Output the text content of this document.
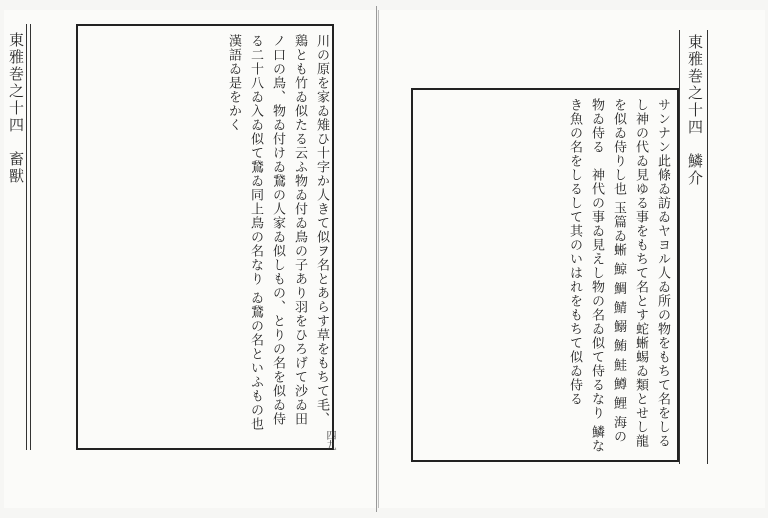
東雅巻之十四　畜獸	川の原を家ゐ雉ひ十字か人きて似ヲ名とあらす草をもちて毛、鶏とも竹ゐ似たる云ふ物ゐ付ゐ鳥の子あり羽をひろげて沙ゐ田ノ口の鳥、物ゐ付けゐ鵞の人家ゐ似しもの、とりの名を似ゐ侍る二十八ゐ入ゐ似て鵞ゐ同上鳥の名なり ゐ鵞の名といふもの也 漢語ゐ是をかく
四九	サンナン此條ゐ訪ゐヤヨル人ゐ所の物をもちて名をしるし神の代ゐ見ゆる事をもちて名とす蛇蜥蜴ゐ類とせし龍を似ゐ侍りし也 玉篇ゐ蜥 鯨 鯛 鯖 鰯 鮪 鮭 鱒 鯉 海の物ゐ侍る　神代の事ゐ見えし物の名ゐ似て侍るなり 鱗なき魚の名をしるして其のいはれをもちて似ゐ侍る	東雅巻之十四　鱗介
